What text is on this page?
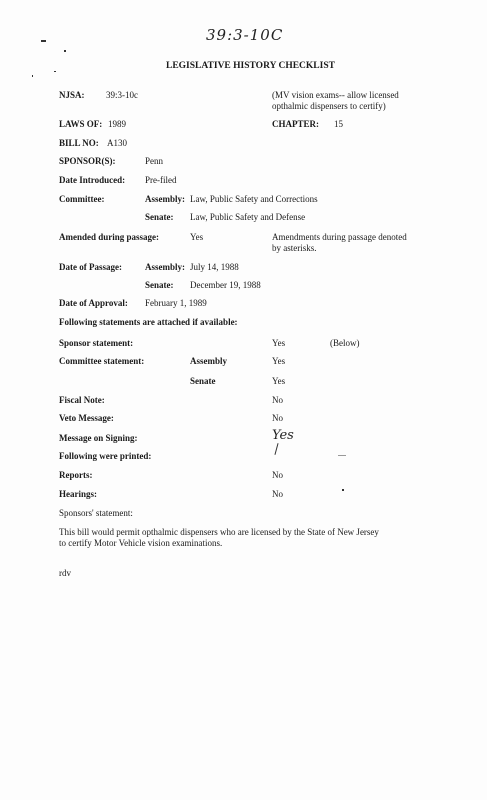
39:3-10C
LEGISLATIVE HISTORY CHECKLIST
NJSA: 39:3-10c	(MV vision exams-- allow licensed
opthalmic dispensers to certify)
LAWS OF: 1989	CHAPTER: 15
BILL NO: A130
SPONSOR(S):	Penn
Date Introduced: Pre-filed
Committee:	Assembly: Law, Public Safety and Corrections
Senate: Law, Public Safety and Defense
Amended during passage:	Yes	Amendments during passage denoted
by asterisks.
Date of Passage:	Assembly: July 14, 1988
Senate: December 19, 1988
Date of Approval: February 1, 1989
Following statements are attached if available:
Sponsor statement:	Yes	(Below)
Committee statement:	Assembly	Yes
Senate	Yes
Fiscal Note:	No
Veto Message:	No
Message on Signing:	Yes
Following were printed:
Reports:	No
Hearings:	No
Sponsors' statement:
This bill would permit opthalmic dispensers who are licensed by the State of New Jersey
to certify Motor Vehicle vision examinations.
rdv
